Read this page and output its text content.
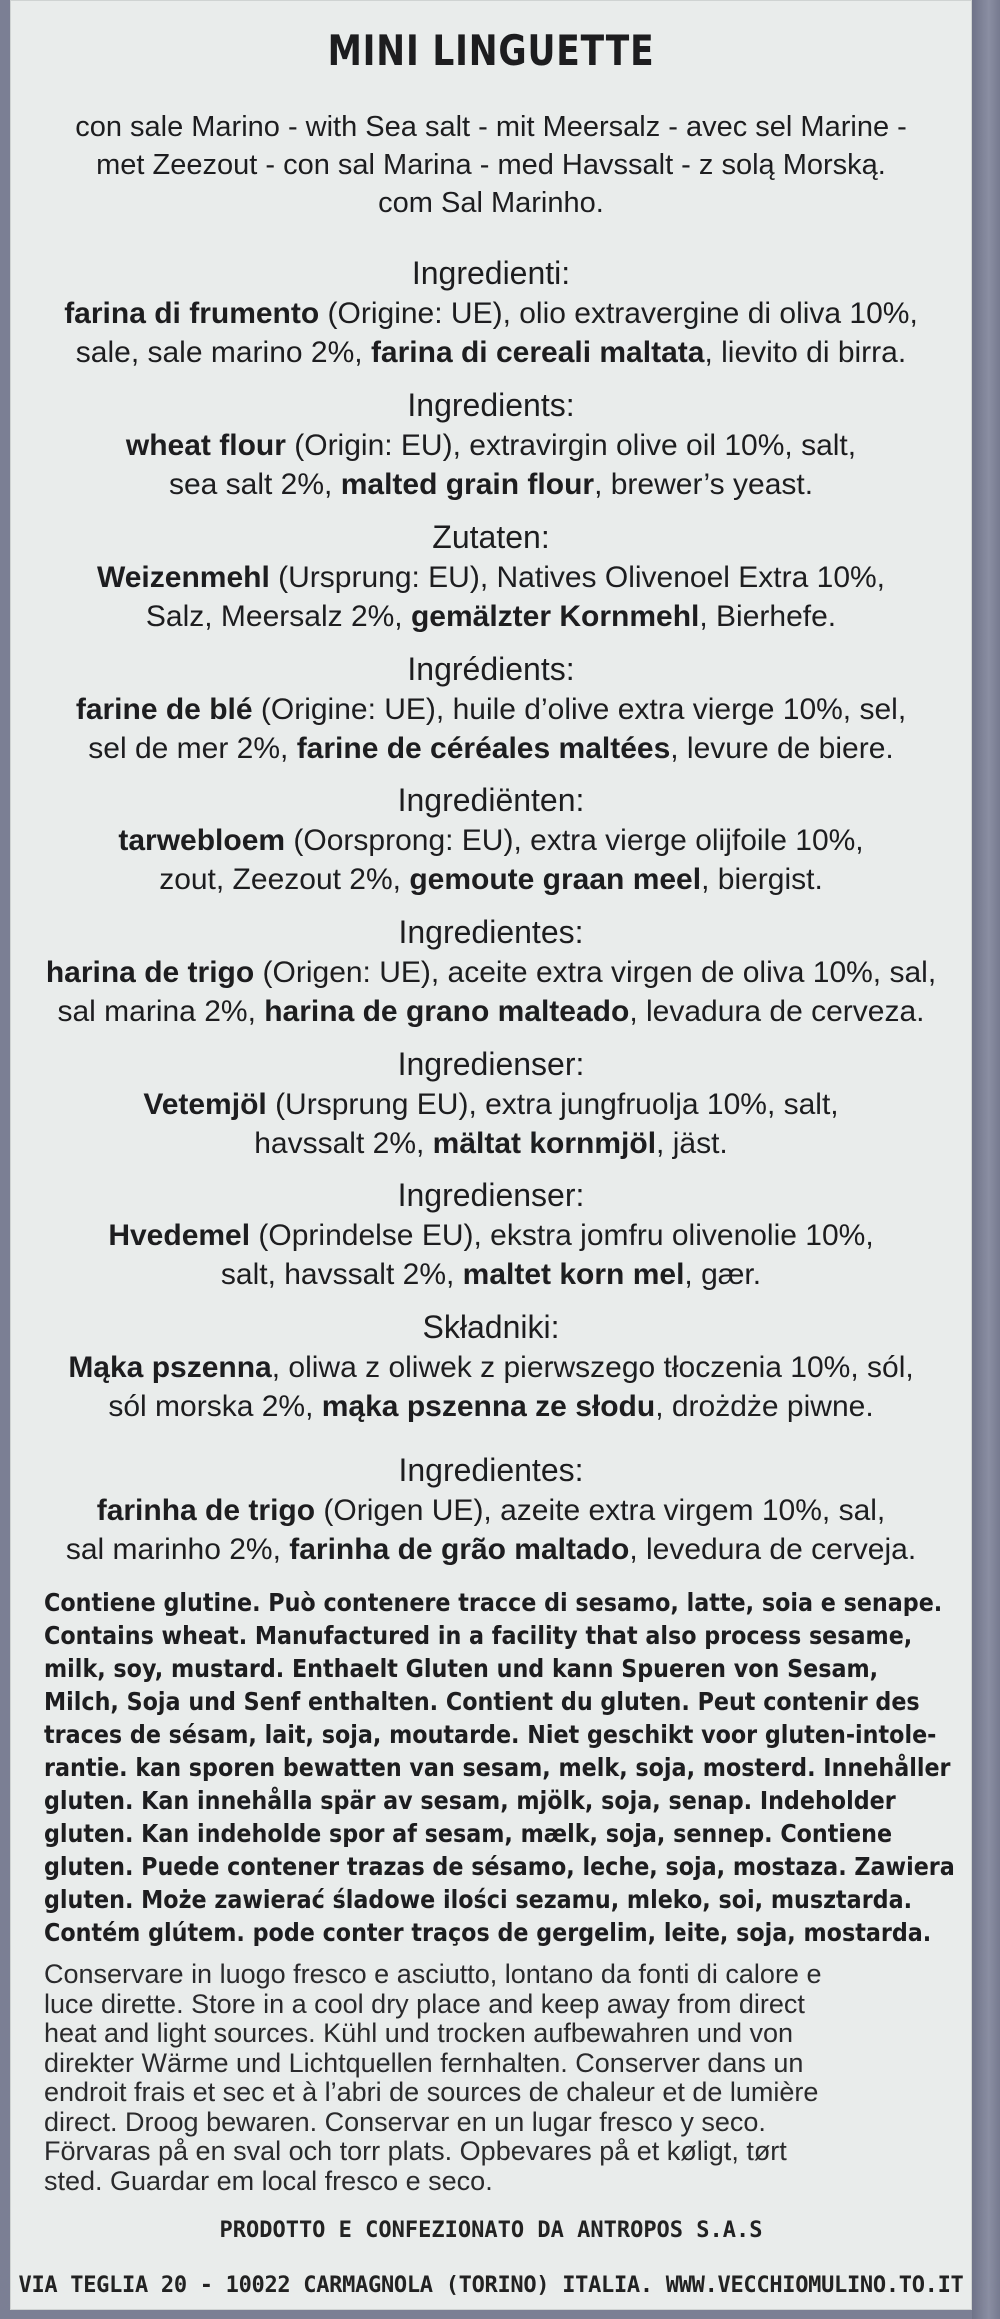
MINI LINGUETTE

con sale Marino - with Sea salt - mit Meersalz - avec sel Marine -

met Zeezout - con sal Marina - med Havssalt - z solą Morską.

com Sal Marinho.

Ingredienti:
farina di frumento (Origine: UE), olio extravergine di oliva 10%,
sale, sale marino 2%, farina di cereali maltata, lievito di birra.
Ingredients:
wheat flour (Origin: EU), extravirgin olive oil 10%, salt,
sea salt 2%, malted grain flour, brewer’s yeast.
Zutaten:
Weizenmehl (Ursprung: EU), Natives Olivenoel Extra 10%,
Salz, Meersalz 2%, gemälzter Kornmehl, Bierhefe.
Ingrédients:
farine de blé (Origine: UE), huile d’olive extra vierge 10%, sel,
sel de mer 2%, farine de céréales maltées, levure de biere.
Ingrediënten:
tarwebloem (Oorsprong: EU), extra vierge olijfoile 10%,
zout, Zeezout 2%, gemoute graan meel, biergist.
Ingredientes:
harina de trigo (Origen: UE), aceite extra virgen de oliva 10%, sal,
sal marina 2%, harina de grano malteado, levadura de cerveza.
Ingredienser:
Vetemjöl (Ursprung EU), extra jungfruolja 10%, salt,
havssalt 2%, mältat kornmjöl, jäst.
Ingredienser:
Hvedemel (Oprindelse EU), ekstra jomfru olivenolie 10%,
salt, havssalt 2%, maltet korn mel, gær.
Składniki:
Mąka pszenna, oliwa z oliwek z pierwszego tłoczenia 10%, sól,
sól morska 2%, mąka pszenna ze słodu, drożdże piwne.
Ingredientes:
farinha de trigo (Origen UE), azeite extra virgem 10%, sal,
sal marinho 2%, farinha de grão maltado, levedura de cerveja.
Contiene glutine. Può contenere tracce di sesamo, latte, soia e senape.
Contains wheat. Manufactured in a facility that also process sesame,
milk, soy, mustard. Enthaelt Gluten und kann Spueren von Sesam,
Milch, Soja und Senf enthalten. Contient du gluten. Peut contenir des
traces de sésam, lait, soja, moutarde. Niet geschikt voor gluten-intole-
rantie. kan sporen bewatten van sesam, melk, soja, mosterd. Innehåller
gluten. Kan innehålla spär av sesam, mjölk, soja, senap. Indeholder
gluten. Kan indeholde spor af sesam, mælk, soja, sennep. Contiene
gluten. Puede contener trazas de sésamo, leche, soja, mostaza. Zawiera
gluten. Może zawierać śladowe ilości sezamu, mleko, soi, musztarda.
Contém glútem. pode conter traços de gergelim, leite, soja, mostarda.
Conservare in luogo fresco e asciutto, lontano da fonti di calore e
luce dirette. Store in a cool dry place and keep away from direct
heat and light sources. Kühl und trocken aufbewahren und von
direkter Wärme und Lichtquellen fernhalten. Conserver dans un
endroit frais et sec et à l’abri de sources de chaleur et de lumière
direct. Droog bewaren. Conservar en un lugar fresco y seco.
Förvaras på en sval och torr plats. Opbevares på et køligt, tørt
sted. Guardar em local fresco e seco.
PRODOTTO E CONFEZIONATO DA ANTROPOS S.A.S
VIA TEGLIA 20 - 10022 CARMAGNOLA (TORINO) ITALIA. WWW.VECCHIOMULINO.TO.IT
